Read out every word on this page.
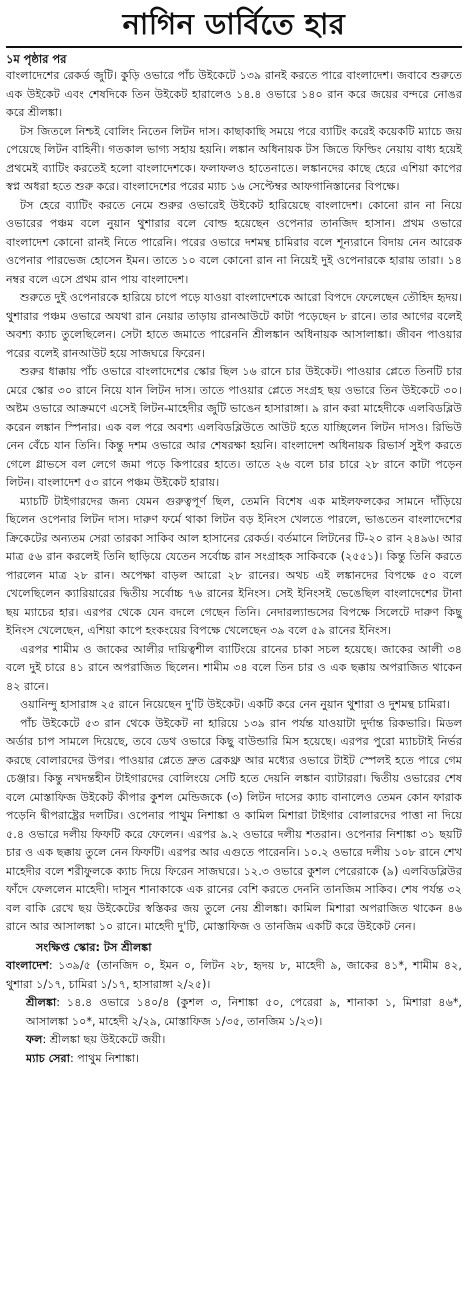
নাগিন ডার্বিতে হার
১ম পৃষ্ঠার পর

বাংলাদেশের রেকর্ড জুটি। কুড়ি ওভারে পাঁচ উইকেটে ১৩৯ রানই করতে পারে বাংলাদেশ। জবাবে শুরুতে এক উইকেট এবং শেষদিকে তিন উইকেট হারালেও ১৪.৪ ওভারে ১৪০ রান করে জয়ের বন্দরে নোঙর করে শ্রীলঙ্কা।

টস জিতলে নিশ্চই বোলিং নিতেন লিটন দাস। কাছাকাছি সময়ে পরে ব্যাটিং করেই কয়েকটি ম্যাচে জয় পেয়েছে লিটন বাহিনী। গতকাল ভাগ্য সহায় হয়নি। লঙ্কান অধিনায়ক টস জিতে ফিল্ডিং নেয়ায় বাধ্য হয়েই প্রথমেই ব্যাটিং করতেই হলো বাংলাদেশকে। ফলাফলও হাতেনাতে। লঙ্কানদের কাছে হেরে এশিয়া কাপের স্বপ্ন অধরা হতে শুরু করে। বাংলাদেশের পরের ম্যাচ ১৬ সেপ্টেম্বর আফগানিস্তানের বিপক্ষে।

টস হেরে ব্যাটিং করতে নেমে শুরুর ওভারেই উইকেট হারিয়েছে বাংলাদেশ। কোনো রান না নিয়ে ওভারের পঞ্চম বলে নুয়ান থুশারার বলে বোল্ড হয়েছেন ওপেনার তানজিদ হাসান। প্রথম ওভারে বাংলাদেশ কোনো রানই নিতে পারেনি। পরের ওভারে দশমন্থ চামিরার বলে শূন্যরানে বিদায় নেন আরেক ওপেনার পারভেজ হোসেন ইমন। তাতে ১০ বলে কোনো রান না নিয়েই দুই ওপেনারকে হারায় তারা। ১৪ নম্বর বলে এসে প্রথম রান পায় বাংলাদেশ।

শুরুতে দুই ওপেনারকে হারিয়ে চাপে পড়ে যাওয়া বাংলাদেশকে আরো বিপদে ফেলেছেন তৌহিদ হৃদয়। থুশারার পঞ্চম ওভারে অযথা রান নেয়ার তাড়ায় রানআউটে কাটা পড়েছেন ৮ রানে। তার আগের বলেই অবশ্য ক্যাচ তুলেছিলেন। সেটা হাতে জমাতে পারেননি শ্রীলঙ্কান অধিনায়ক আসালাঙ্কা। জীবন পাওয়ার পরের বলেই রানআউট হয়ে সাজঘরে ফিরেন।

শুরুর ধাক্কায় পাঁচ ওভারে বাংলাদেশের স্কোর ছিল ১৬ রানে চার উইকেট। পাওয়ার প্লেতে তিনটি চার মেরে স্কোর ৩০ রানে নিয়ে যান লিটন দাস। তাতে পাওয়ার প্লেতে সংগ্রহ ছয় ওভারে তিন উইকেটে ৩০। অষ্টম ওভারে আক্রমণে এসেই লিটন-মাহেদীর জুটি ভাঙেন হাসারাঙ্গা। ৯ রান করা মাহেদীকে এলবিডব্লিউ করেন লঙ্কান স্পিনার। এক বল পরে অবশ্য এলবিডব্লিউতে আউট হতে যাচ্ছিলেন লিটন দাসও। রিভিউ নেন বেঁচে যান তিনি। কিন্তু দশম ওভারে আর শেষরক্ষা হয়নি। বাংলাদেশ অধিনায়ক রিভার্স সুইপ করতে গেলে গ্লাভসে বল লেগে জমা পড়ে কিপারের হাতে। তাতে ২৬ বলে চার চারে ২৮ রানে কাটা পড়েন লিটন। বাংলাদেশ ৫৩ রানে পঞ্চম উইকেট হারায়।

ম্যাচটি টাইগারদের জন্য যেমন গুরুত্বপূর্ণ ছিল, তেমনি বিশেষ এক মাইলফলকের সামনে দাঁড়িয়ে ছিলেন ওপেনার লিটন দাস। দারুণ ফর্মে থাকা লিটন বড় ইনিংস খেলতে পারলে, ভাঙতেন বাংলাদেশের ক্রিকেটের অন্যতম সেরা তারকা সাকিব আল হাসানের রেকর্ড। বর্তমানে লিটনের টি-২০ রান ২৪৯৬। আর মাত্র ৫৬ রান করলেই তিনি ছাড়িয়ে যেতেন সর্বোচ্চ রান সংগ্রাহক সাকিবকে (২৫৫১)। কিন্তু তিনি করতে পারলেন মাত্র ২৮ রান। অপেক্ষা বাড়ল আরো ২৮ রানের। অথচ এই লঙ্কানদের বিপক্ষে ৫০ বলে খেলেছিলেন ক্যারিয়ারের দ্বিতীয় সর্বোচ্চ ৭৬ রানের ইনিংস। সেই ইনিংসই ভেঙেছিল বাংলাদেশের টানা ছয় ম্যাচের হার। এরপর থেকে যেন বদলে গেছেন তিনি। নেদারল্যান্ডসের বিপক্ষে সিলেটে দারুণ কিছু ইনিংস খেলেছেন, এশিয়া কাপে হংকংয়ের বিপক্ষে খেলেছেন ৩৯ বলে ৫৯ রানের ইনিংস।

এরপর শামীম ও জাকের আলীর দায়িত্বশীল ব্যাটিংয়ে রানের চাকা সচল হয়েছে। জাকের আলী ৩৪ বলে দুই চারে ৪১ রানে অপরাজিত ছিলেন। শামীম ৩৪ বলে তিন চার ও এক ছক্কায় অপরাজিত থাকেন ৪২ রানে।

ওয়ানিন্দু হাসারাঙ্গ ২৫ রানে নিয়েছেন দু'টি উইকেট। একটি করে নেন নুয়ান থুশারা ও দুশমন্থ চামিরা।

পাঁচ উইকেটে ৫৩ রান থেকে উইকেট না হারিয়ে ১৩৯ রান পর্যন্ত যাওয়াটা দুর্দান্ত রিকভারি। মিডল অর্ডার চাপ সামলে দিয়েছে, তবে ডেথ ওভারে কিছু বাউন্ডারি মিস হয়েছে। এরপর পুরো ম্যাচটাই নির্ভর করছে বোলারদের উপর। পাওয়ার প্লেতে দ্রুত ব্রেকথ্রু আর মধ্যের ওভারে টাইট স্পেলই হতে পারে গেম চেঞ্জার। কিন্তু নখদন্তহীন টাইগারদের বোলিংয়ে সেটি হতে দেয়নি লঙ্কান ব্যাটাররা। দ্বিতীয় ওভারের শেষ বলে মোস্তাফিজ উইকেট কীপার কুশল মেন্ডিজকে (৩) লিটন দাসের ক্যাচ বানালেও তেমন কোন ফারাক পড়েনি দ্বীপরাষ্ট্রের দলটির। ওপেনার পাথুম নিশাঙ্কা ও কামিল মিশারা টাইগার বোলারদের পাত্তা না দিয়ে ৫.৪ ওভারে দলীয় ফিফটি করে ফেলেন। এরপর ৯.২ ওভারে দলীয় শতরান। ওপেনার নিশাঙ্কা ৩১ ছয়টি চার ও এক ছক্কায় তুলে নেন ফিফটি। এরপর আর এগুতে পারেননি। ১০.২ ওভারে দলীয় ১০৮ রানে শেখ মাহেদীর বলে শরীফুলকে ক্যাচ দিয়ে ফিরেন সাজঘরে। ১২.৩ ওভারে কুশল পেরেরাকে (৯) এলবিডব্লিউর ফাঁদে ফেললেন মাহেদী। দাসুন শানাকাকে এক রানের বেশি করতে দেননি তানজিম সাকিব। শেষ পর্যন্ত ৩২ বল বাকি রেখে ছয় উইকেটের স্বস্তিকর জয় তুলে নেয় শ্রীলঙ্কা। কামিল মিশারা অপরাজিত থাকেন ৪৬ রানে আর আসালঙ্কা ১০ রানে। মাহেদী দু'টি, মোস্তাফিজ ও তানজিম একটি করে উইকেট নেন।

সংক্ষিপ্ত স্কোর: টস শ্রীলঙ্কা
বাংলাদেশ: ১৩৯/৫ (তানজিদ ০, ইমন ০, লিটন ২৮, হৃদয় ৮, মাহেদী ৯, জাকের ৪১*, শামীম ৪২, থুশারা ১/১৭, চামিরা ১/১৭, হাসারাঙ্গা ২/২৫)।
শ্রীলঙ্কা: ১৪.৪ ওভারে ১৪০/৪ (কুশল ৩, নিশাঙ্কা ৫০, পেরেরা ৯, শানাকা ১, মিশারা ৪৬*, আসালঙ্কা ১০*, মাহেদী ২/২৯, মোস্তাফিজ ১/৩৫, তানজিম ১/২৩)।
ফল: শ্রীলঙ্কা ছয় উইকেটে জয়ী।
ম্যাচ সেরা: পাথুম নিশাঙ্কা।
